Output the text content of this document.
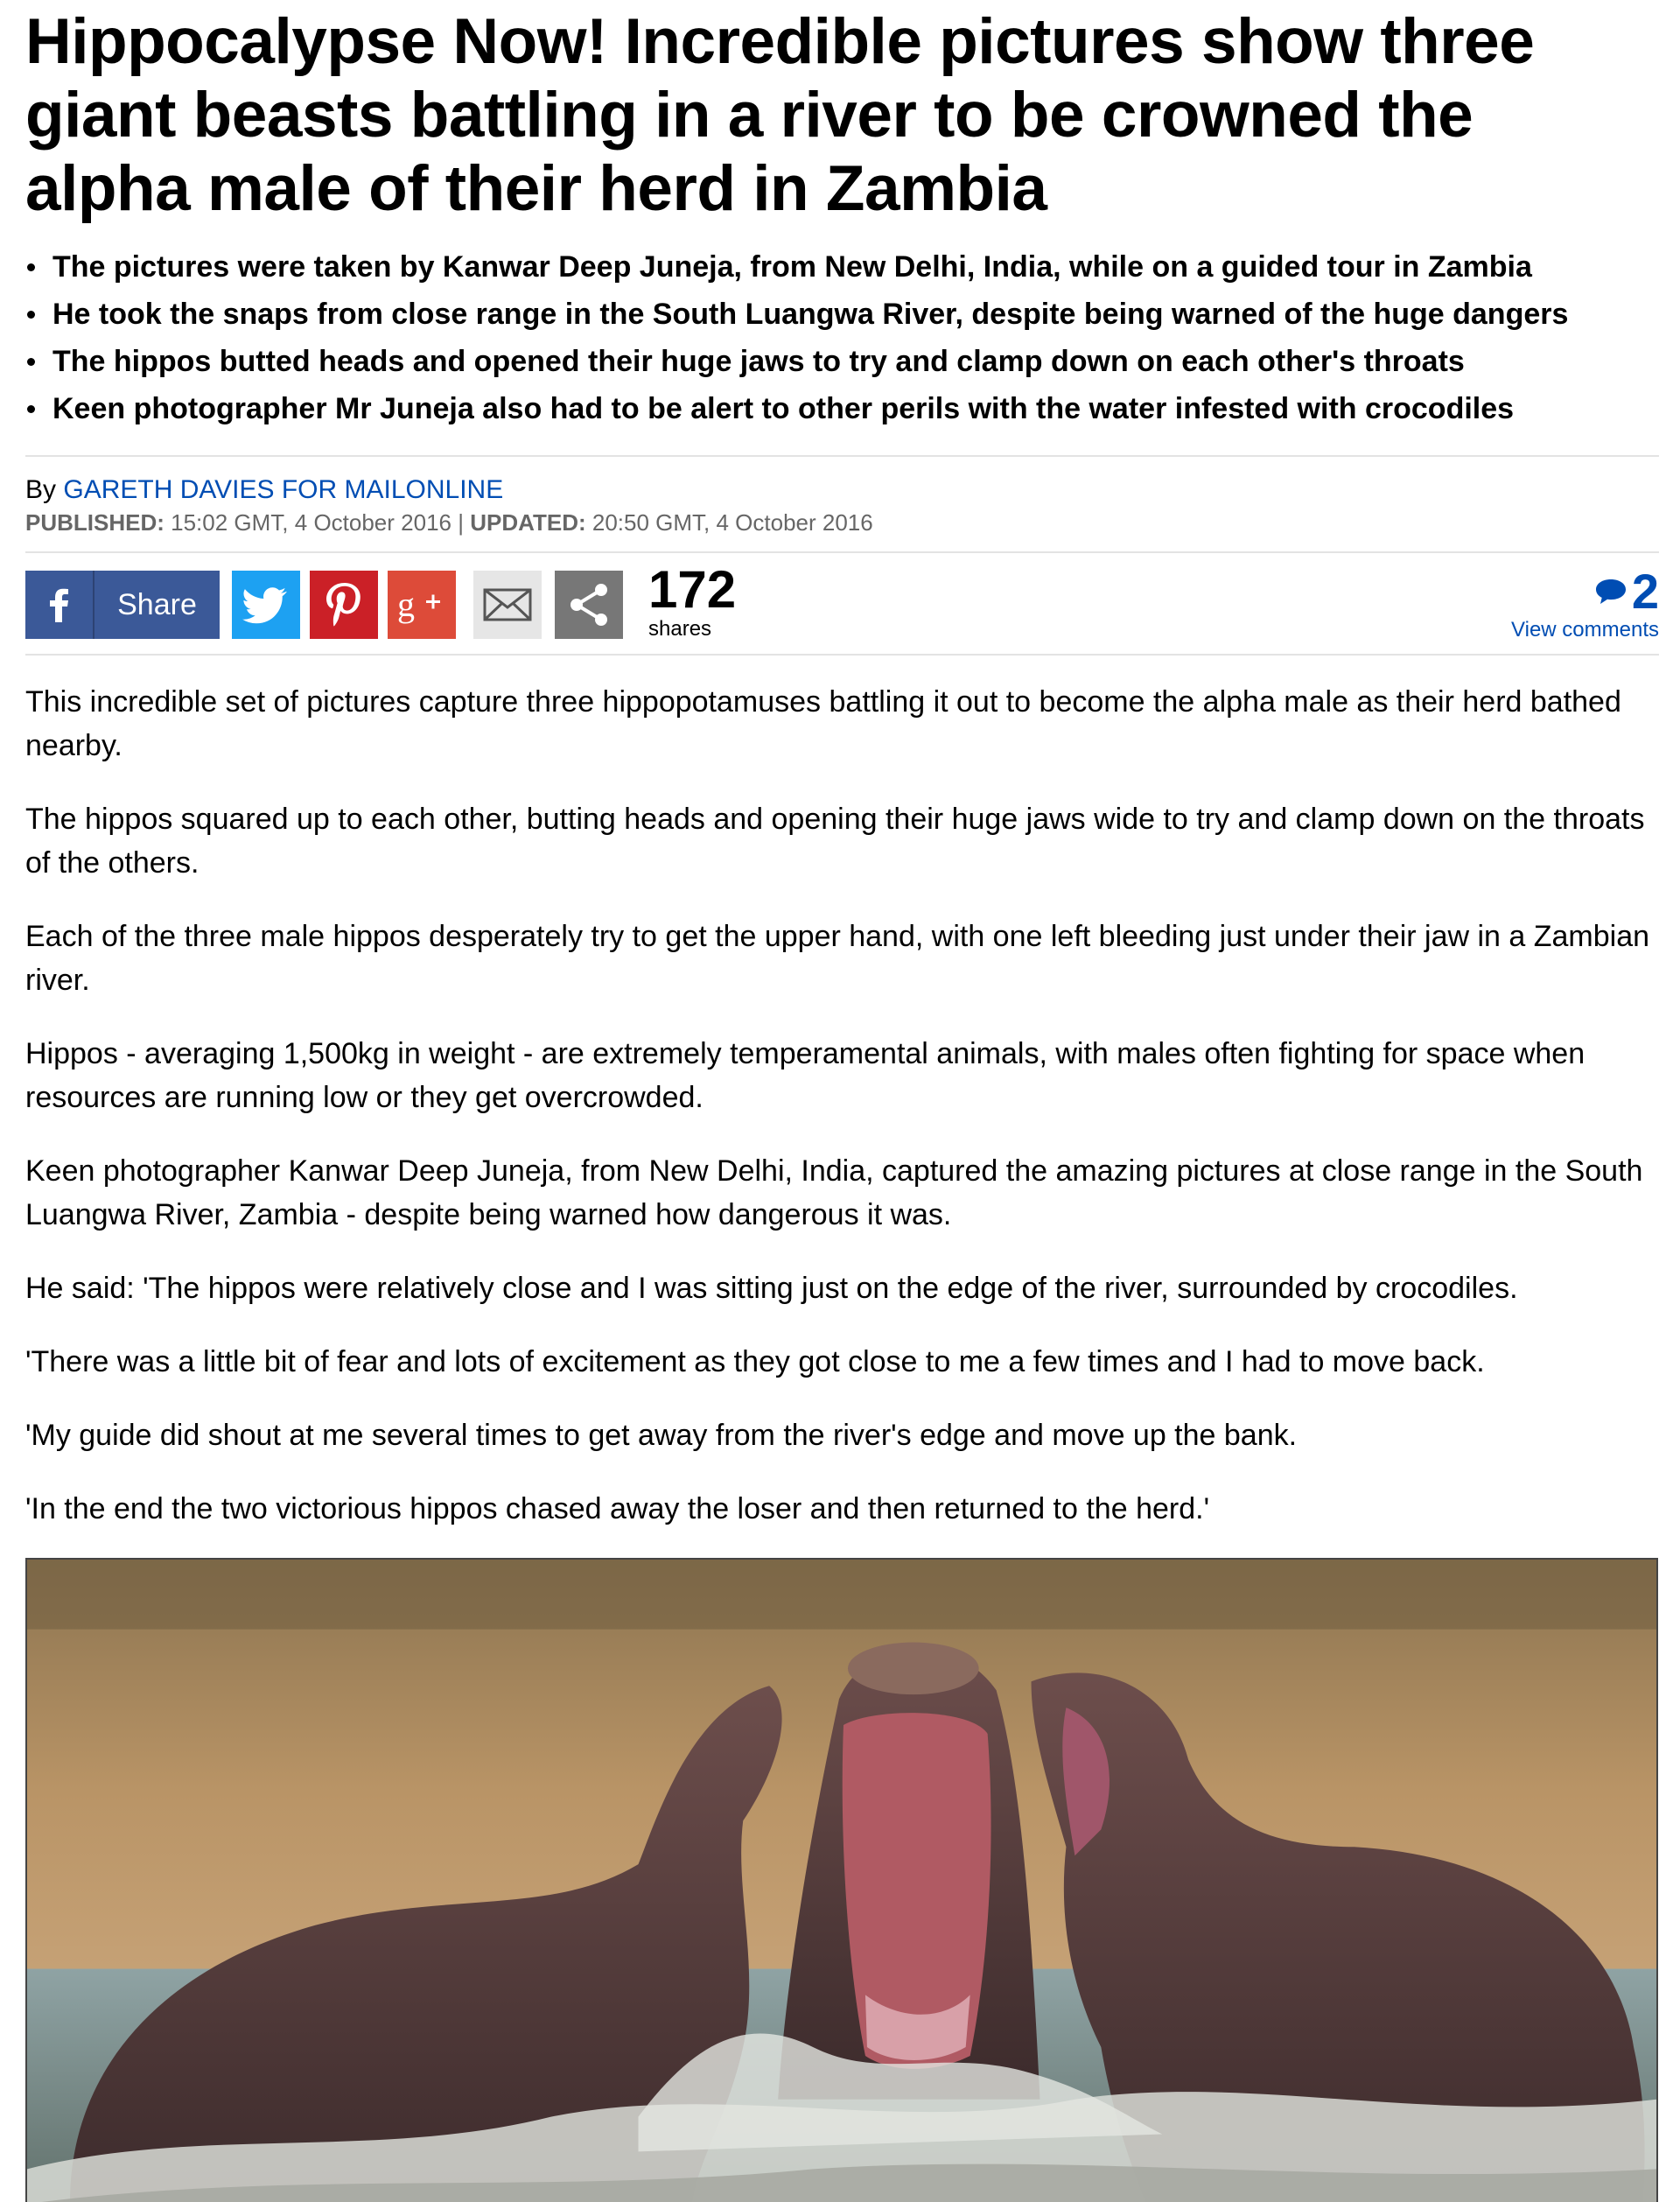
Hippocalypse Now! Incredible pictures show three giant beasts battling in a river to be crowned the alpha male of their herd in Zambia
The pictures were taken by Kanwar Deep Juneja, from New Delhi, India, while on a guided tour in Zambia
He took the snaps from close range in the South Luangwa River, despite being warned of the huge dangers
The hippos butted heads and opened their huge jaws to try and clamp down on each other's throats
Keen photographer Mr Juneja also had to be alert to other perils with the water infested with crocodiles
By GARETH DAVIES FOR MAILONLINE
PUBLISHED: 15:02 GMT, 4 October 2016 | UPDATED: 20:50 GMT, 4 October 2016
Share	g	172
shares
2
View comments

This incredible set of pictures capture three hippopotamuses battling it out to become the alpha male as their herd bathed nearby.

The hippos squared up to each other, butting heads and opening their huge jaws wide to try and clamp down on the throats of the others.

Each of the three male hippos desperately try to get the upper hand, with one left bleeding just under their jaw in a Zambian river.

Hippos - averaging 1,500kg in weight - are extremely temperamental animals, with males often fighting for space when resources are running low or they get overcrowded.

Keen photographer Kanwar Deep Juneja, from New Delhi, India, captured the amazing pictures at close range in the South Luangwa River, Zambia - despite being warned how dangerous it was.

He said: 'The hippos were relatively close and I was sitting just on the edge of the river, surrounded by crocodiles.

'There was a little bit of fear and lots of excitement as they got close to me a few times and I had to move back.

'My guide did shout at me several times to get away from the river's edge and move up the bank.

'In the end the two victorious hippos chased away the loser and then returned to the herd.'
